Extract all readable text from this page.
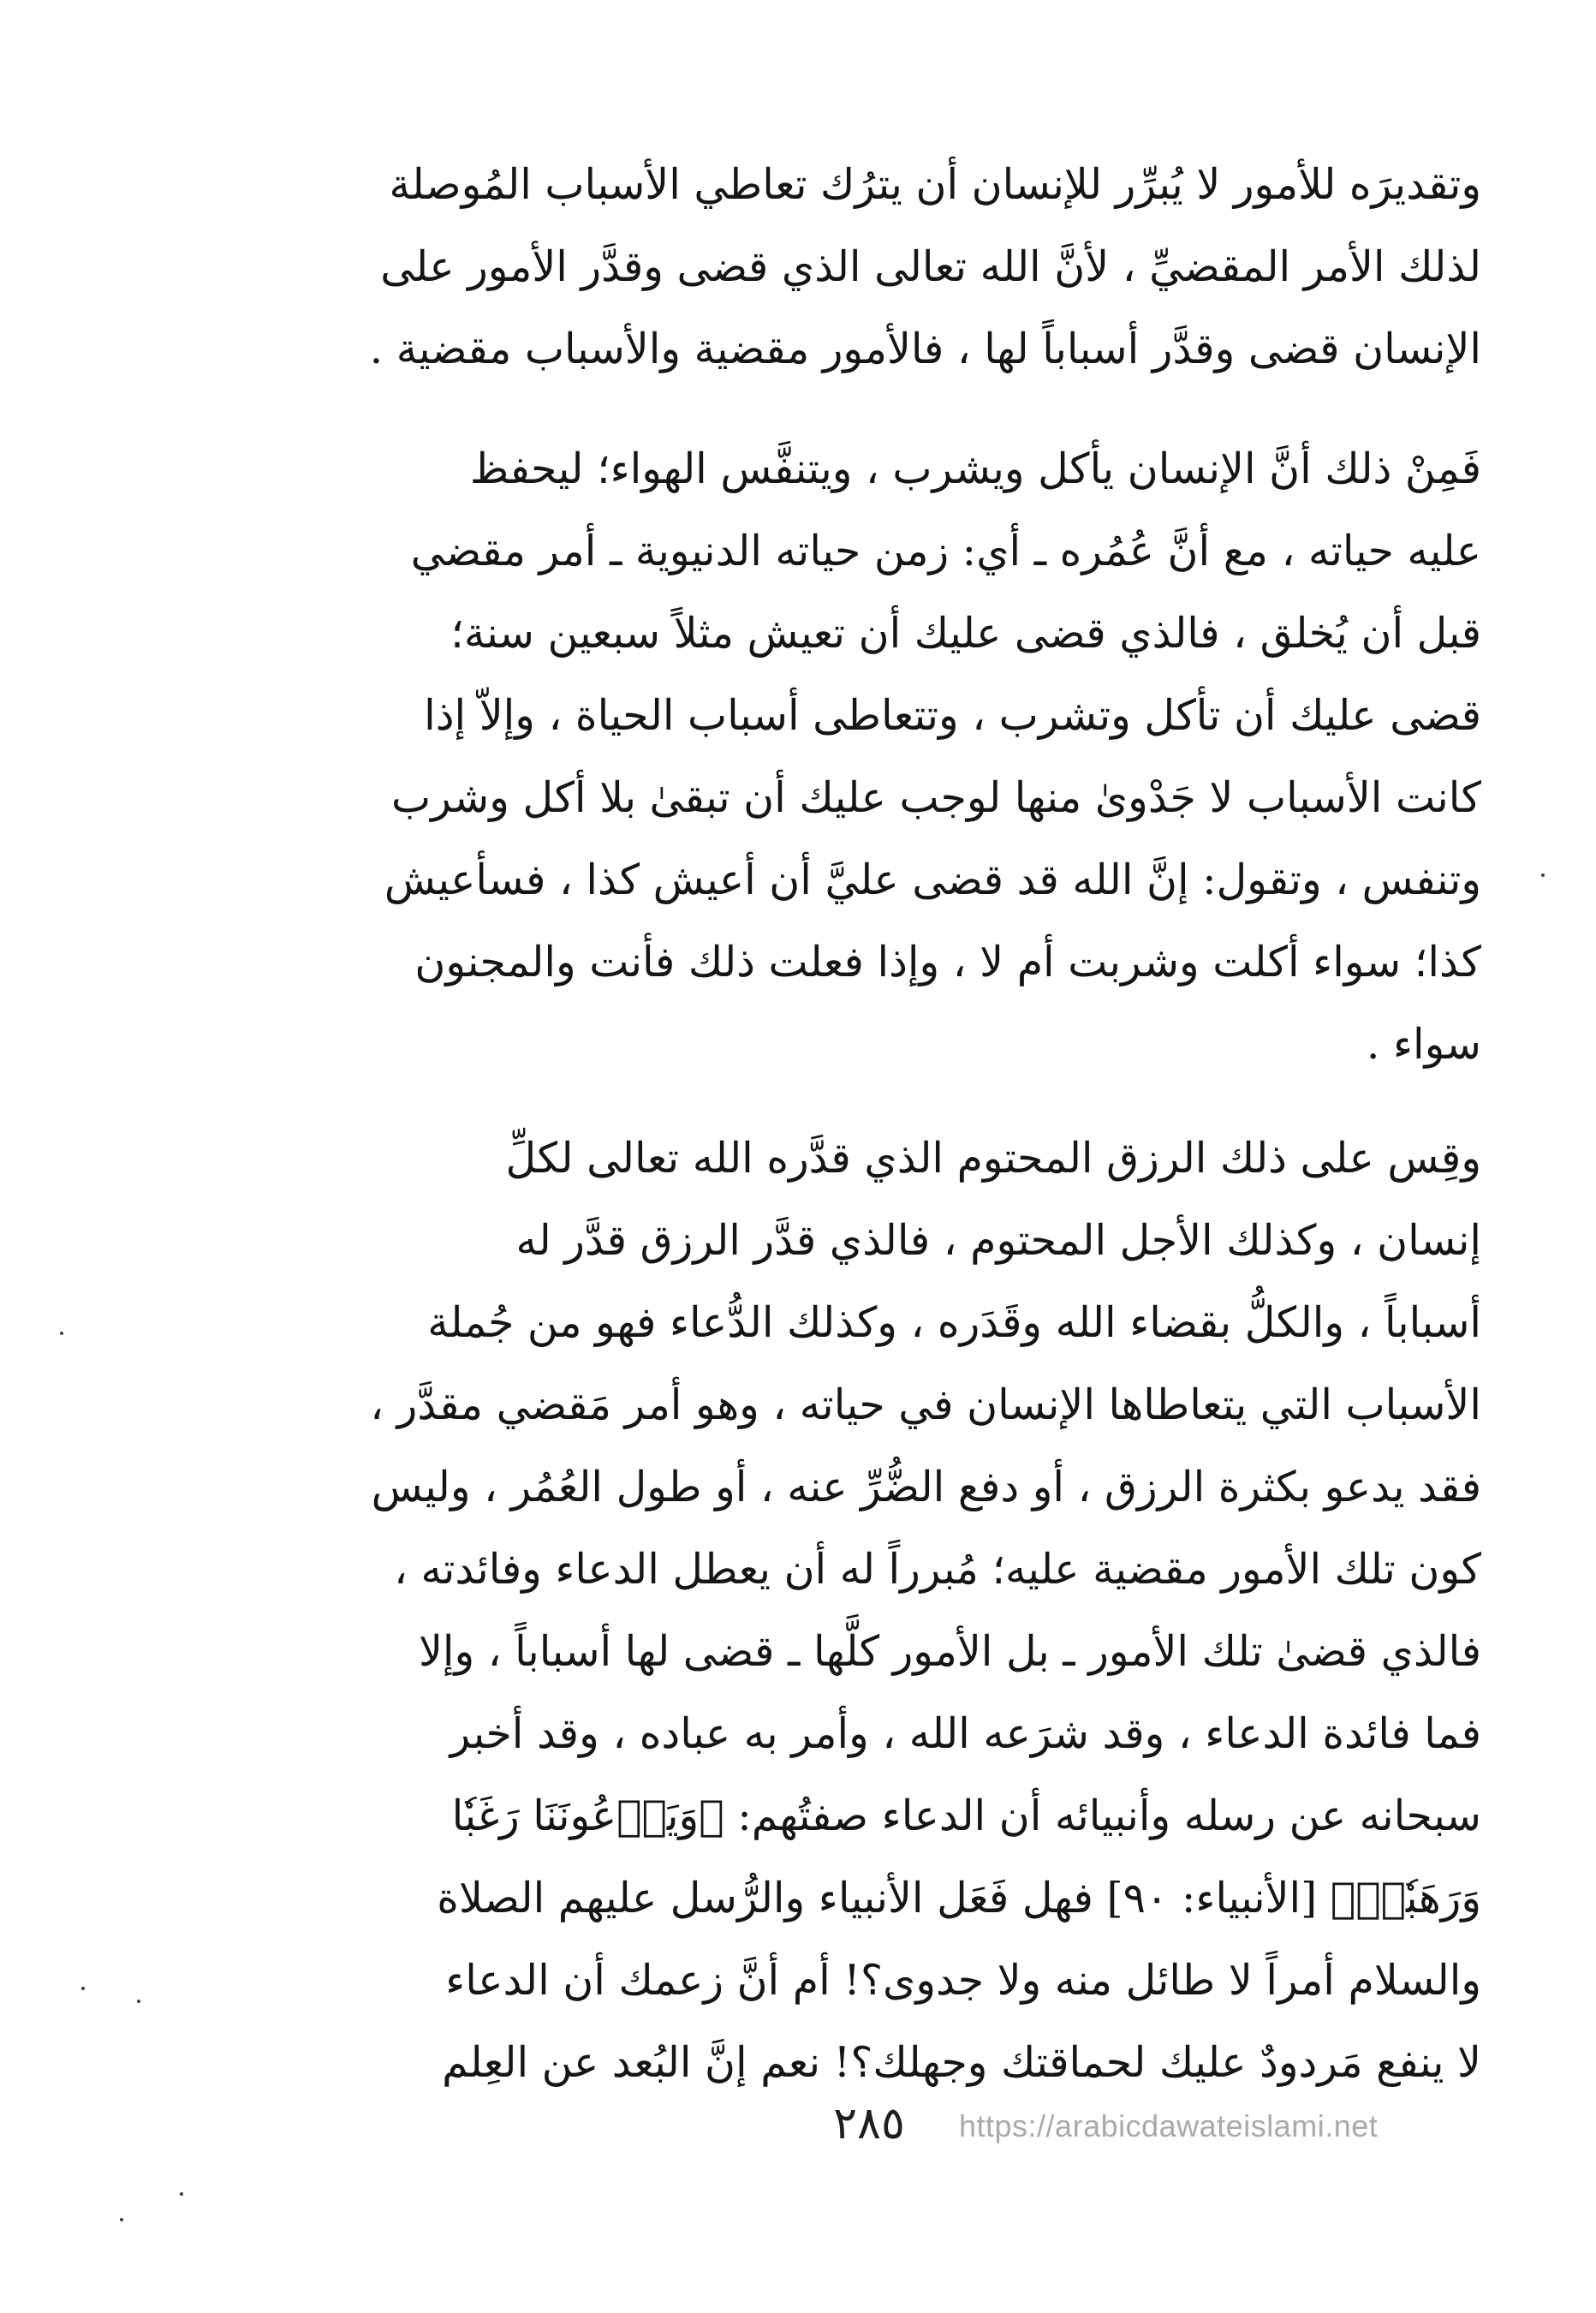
وتقديرَه للأمور لا يُبرِّر للإنسان أن يترُك تعاطي الأسباب المُوصلة
لذلك الأمر المقضيِّ ، لأنَّ الله تعالى الذي قضى وقدَّر الأمور على
الإنسان قضى وقدَّر أسباباً لها ، فالأمور مقضية والأسباب مقضية .
فَمِنْ ذلك أنَّ الإنسان يأكل ويشرب ، ويتنفَّس الهواء؛ ليحفظ
عليه حياته ، مع أنَّ عُمُره ـ أي: زمن حياته الدنيوية ـ أمر مقضي
قبل أن يُخلق ، فالذي قضى عليك أن تعيش مثلاً سبعين سنة؛
قضى عليك أن تأكل وتشرب ، وتتعاطى أسباب الحياة ، وإلاّ إذا
كانت الأسباب لا جَدْوىٰ منها لوجب عليك أن تبقىٰ بلا أكل وشرب
وتنفس ، وتقول: إنَّ الله قد قضى عليَّ أن أعيش كذا ، فسأعيش
كذا؛ سواء أكلت وشربت أم لا ، وإذا فعلت ذلك فأنت والمجنون
سواء .
وقِس على ذلك الرزق المحتوم الذي قدَّره الله تعالى لكلِّ
إنسان ، وكذلك الأجل المحتوم ، فالذي قدَّر الرزق قدَّر له
أسباباً ، والكلُّ بقضاء الله وقَدَره ، وكذلك الدُّعاء فهو من جُملة
الأسباب التي يتعاطاها الإنسان في حياته ، وهو أمر مَقضي مقدَّر ،
فقد يدعو بكثرة الرزق ، أو دفع الضُّرِّ عنه ، أو طول العُمُر ، وليس
كون تلك الأمور مقضية عليه؛ مُبرراً له أن يعطل الدعاء وفائدته ،
فالذي قضىٰ تلك الأمور ـ بل الأمور كلَّها ـ قضى لها أسباباً ، وإلا
فما فائدة الدعاء ، وقد شرَعه الله ، وأمر به عباده ، وقد أخبر
سبحانه عن رسله وأنبيائه أن الدعاء صفتُهم: ﴿وَيَدۡعُونَنَا رَغَبٗا
وَرَهَبٗاۖ﴾ [الأنبياء: ٩٠] فهل فَعَل الأنبياء والرُّسل عليهم الصلاة
والسلام أمراً لا طائل منه ولا جدوى؟! أم أنَّ زعمك أن الدعاء
لا ينفع مَردودٌ عليك لحماقتك وجهلك؟! نعم إنَّ البُعد عن العِلم
٢٨٥	https://arabicdawateislami.net
